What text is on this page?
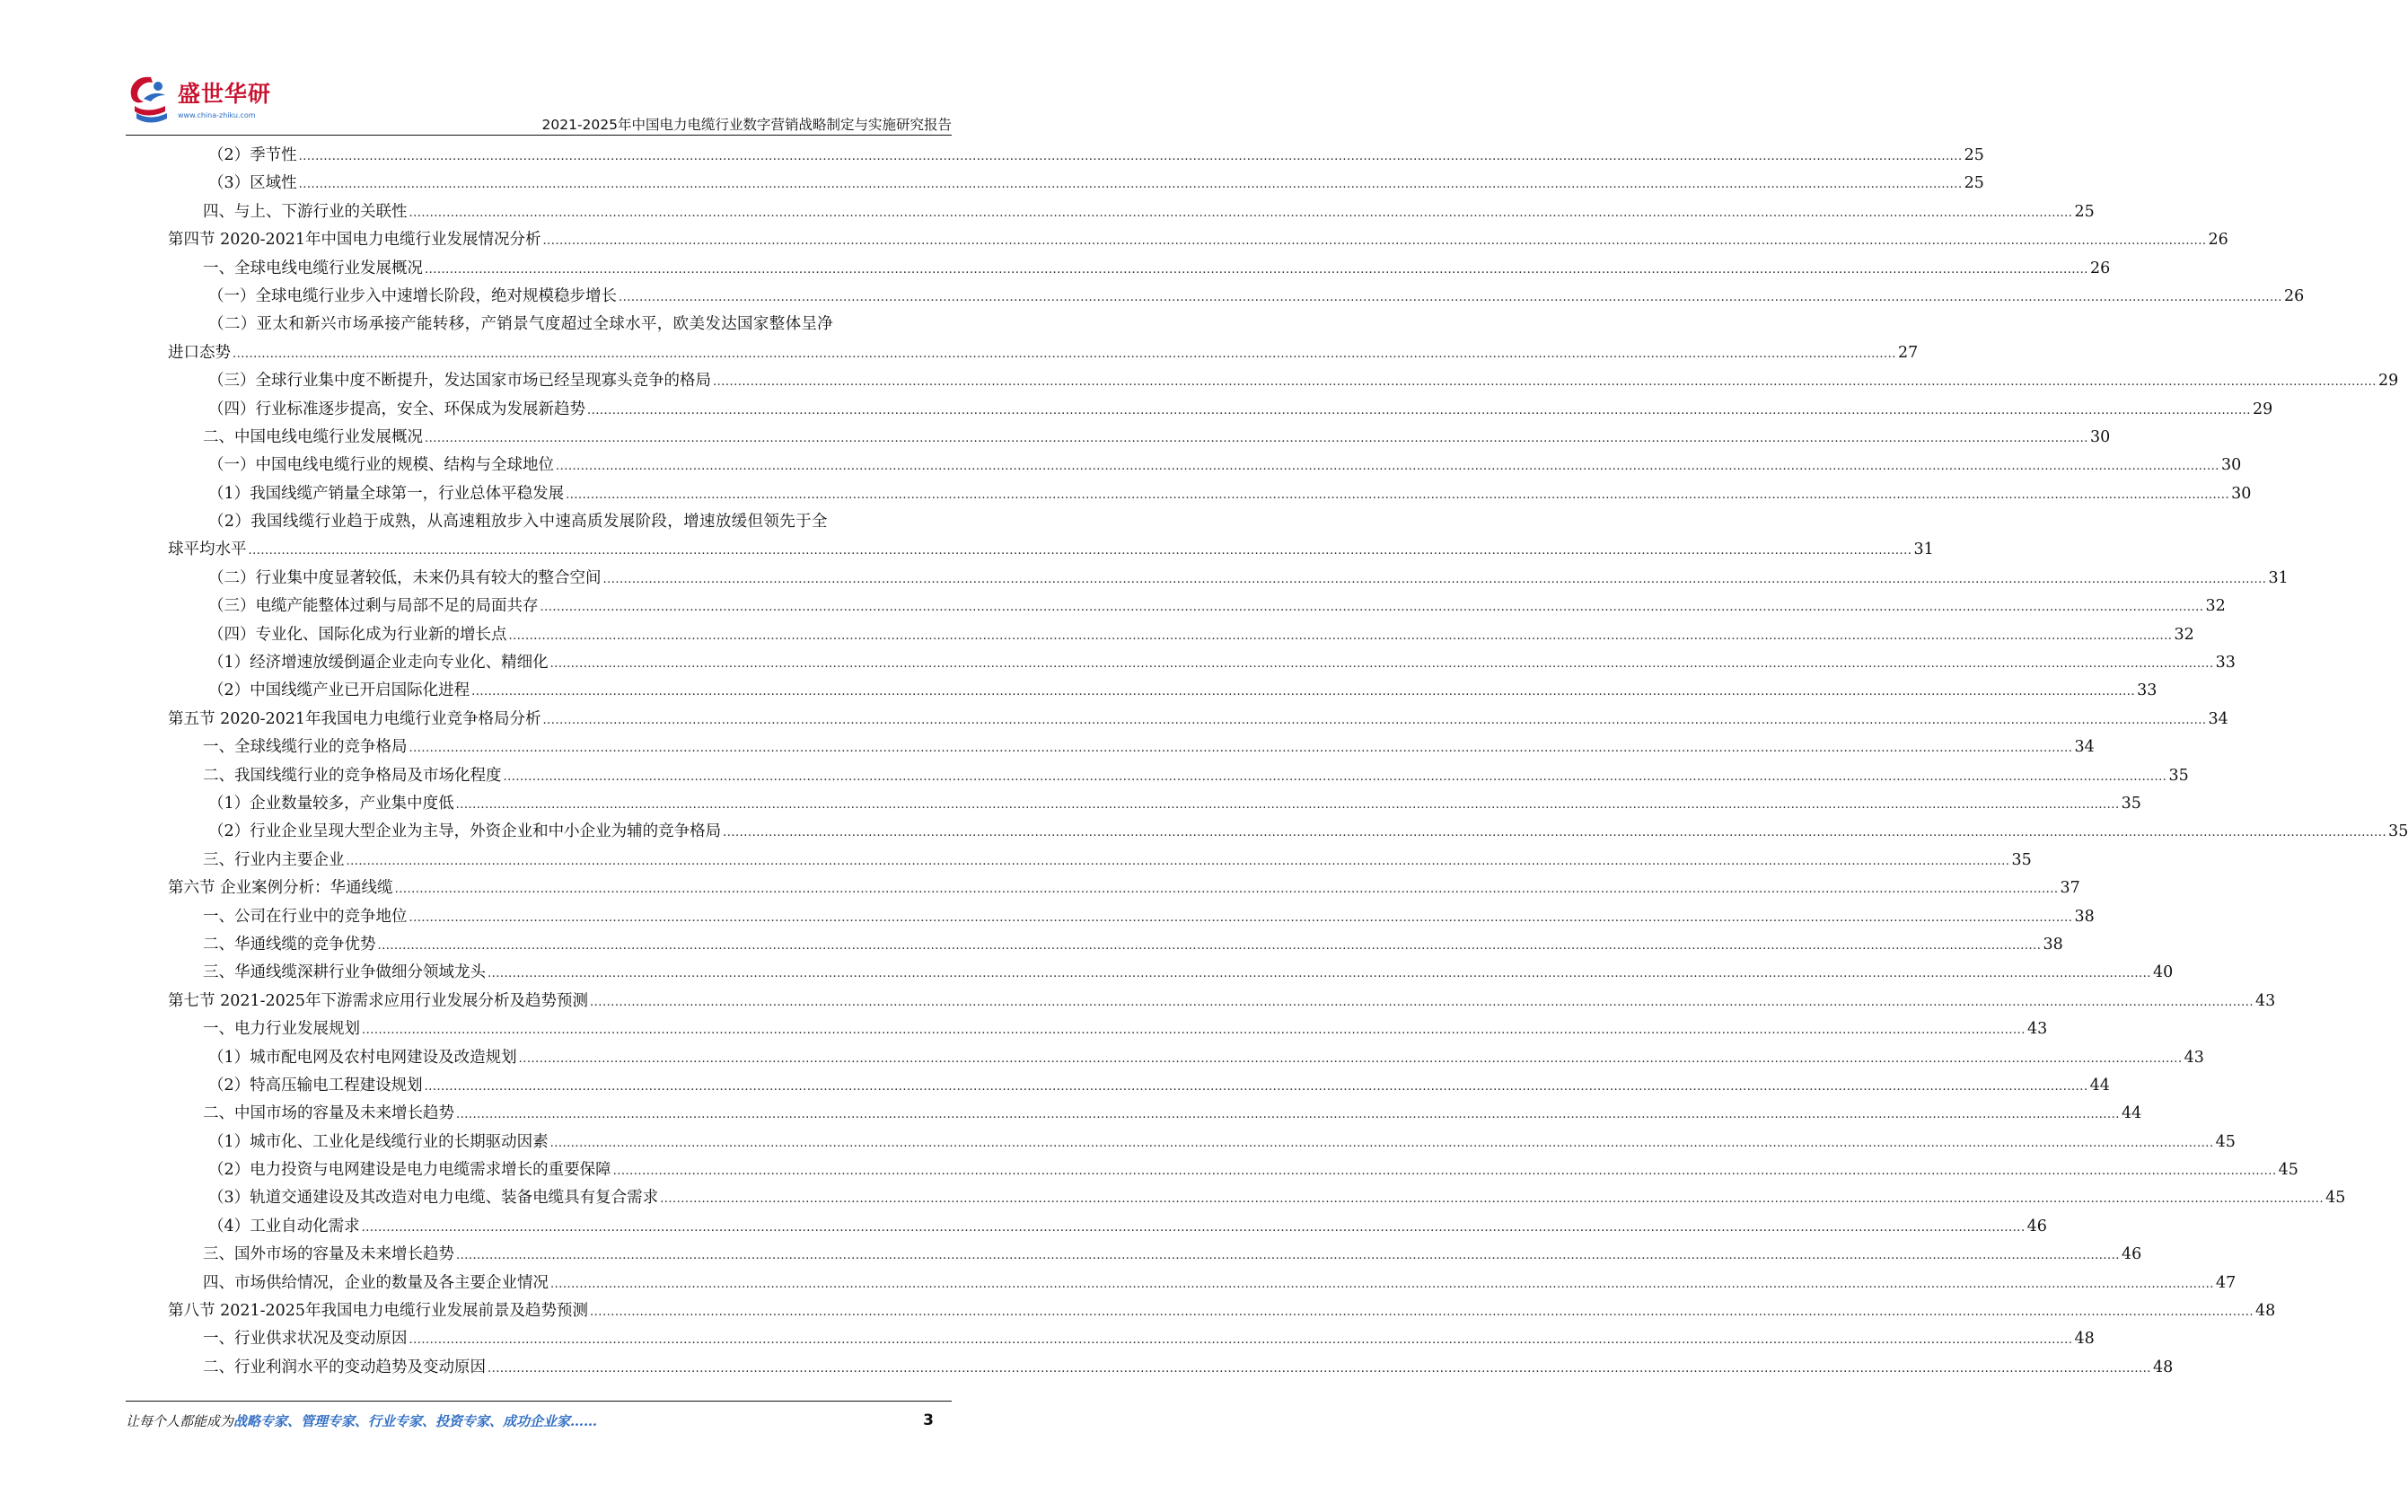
盛世华研
www.china-zhiku.com
2021-2025年中国电力电缆行业数字营销战略制定与实施研究报告
（2）季节性 ................................................................................................................................................................................................................................................................................................................................................................................................................ 25
（3）区域性 ................................................................................................................................................................................................................................................................................................................................................................................................................ 25
四、与上、下游行业的关联性 ................................................................................................................................................................................................................................................................................................................................................................................................................ 25
第四节 2020-2021年中国电力电缆行业发展情况分析 ................................................................................................................................................................................................................................................................................................................................................................................................................ 26
一、全球电线电缆行业发展概况 ................................................................................................................................................................................................................................................................................................................................................................................................................ 26
（一）全球电缆行业步入中速增长阶段，绝对规模稳步增长 ................................................................................................................................................................................................................................................................................................................................................................................................................ 26
（二）亚太和新兴市场承接产能转移，产销景气度超过全球水平，欧美发达国家整体呈净
进口态势 ................................................................................................................................................................................................................................................................................................................................................................................................................ 27
（三）全球行业集中度不断提升，发达国家市场已经呈现寡头竞争的格局 ................................................................................................................................................................................................................................................................................................................................................................................................................ 29
（四）行业标准逐步提高，安全、环保成为发展新趋势 ................................................................................................................................................................................................................................................................................................................................................................................................................ 29
二、中国电线电缆行业发展概况 ................................................................................................................................................................................................................................................................................................................................................................................................................ 30
（一）中国电线电缆行业的规模、结构与全球地位 ................................................................................................................................................................................................................................................................................................................................................................................................................ 30
（1）我国线缆产销量全球第一，行业总体平稳发展 ................................................................................................................................................................................................................................................................................................................................................................................................................ 30
（2）我国线缆行业趋于成熟，从高速粗放步入中速高质发展阶段，增速放缓但领先于全
球平均水平 ................................................................................................................................................................................................................................................................................................................................................................................................................ 31
（二）行业集中度显著较低，未来仍具有较大的整合空间 ................................................................................................................................................................................................................................................................................................................................................................................................................ 31
（三）电缆产能整体过剩与局部不足的局面共存 ................................................................................................................................................................................................................................................................................................................................................................................................................ 32
（四）专业化、国际化成为行业新的增长点 ................................................................................................................................................................................................................................................................................................................................................................................................................ 32
（1）经济增速放缓倒逼企业走向专业化、精细化 ................................................................................................................................................................................................................................................................................................................................................................................................................ 33
（2）中国线缆产业已开启国际化进程 ................................................................................................................................................................................................................................................................................................................................................................................................................ 33
第五节 2020-2021年我国电力电缆行业竞争格局分析 ................................................................................................................................................................................................................................................................................................................................................................................................................ 34
一、全球线缆行业的竞争格局 ................................................................................................................................................................................................................................................................................................................................................................................................................ 34
二、我国线缆行业的竞争格局及市场化程度 ................................................................................................................................................................................................................................................................................................................................................................................................................ 35
（1）企业数量较多，产业集中度低 ................................................................................................................................................................................................................................................................................................................................................................................................................ 35
（2）行业企业呈现大型企业为主导，外资企业和中小企业为辅的竞争格局 ................................................................................................................................................................................................................................................................................................................................................................................................................ 35
三、行业内主要企业 ................................................................................................................................................................................................................................................................................................................................................................................................................ 35
第六节 企业案例分析：华通线缆 ................................................................................................................................................................................................................................................................................................................................................................................................................ 37
一、公司在行业中的竞争地位 ................................................................................................................................................................................................................................................................................................................................................................................................................ 38
二、华通线缆的竞争优势 ................................................................................................................................................................................................................................................................................................................................................................................................................ 38
三、华通线缆深耕行业争做细分领域龙头 ................................................................................................................................................................................................................................................................................................................................................................................................................ 40
第七节 2021-2025年下游需求应用行业发展分析及趋势预测 ................................................................................................................................................................................................................................................................................................................................................................................................................ 43
一、电力行业发展规划 ................................................................................................................................................................................................................................................................................................................................................................................................................ 43
（1）城市配电网及农村电网建设及改造规划 ................................................................................................................................................................................................................................................................................................................................................................................................................ 43
（2）特高压输电工程建设规划 ................................................................................................................................................................................................................................................................................................................................................................................................................ 44
二、中国市场的容量及未来增长趋势 ................................................................................................................................................................................................................................................................................................................................................................................................................ 44
（1）城市化、工业化是线缆行业的长期驱动因素 ................................................................................................................................................................................................................................................................................................................................................................................................................ 45
（2）电力投资与电网建设是电力电缆需求增长的重要保障 ................................................................................................................................................................................................................................................................................................................................................................................................................ 45
（3）轨道交通建设及其改造对电力电缆、装备电缆具有复合需求 ................................................................................................................................................................................................................................................................................................................................................................................................................ 45
（4）工业自动化需求 ................................................................................................................................................................................................................................................................................................................................................................................................................ 46
三、国外市场的容量及未来增长趋势 ................................................................................................................................................................................................................................................................................................................................................................................................................ 46
四、市场供给情况，企业的数量及各主要企业情况 ................................................................................................................................................................................................................................................................................................................................................................................................................ 47
第八节 2021-2025年我国电力电缆行业发展前景及趋势预测 ................................................................................................................................................................................................................................................................................................................................................................................................................ 48
一、行业供求状况及变动原因 ................................................................................................................................................................................................................................................................................................................................................................................................................ 48
二、行业利润水平的变动趋势及变动原因 ................................................................................................................................................................................................................................................................................................................................................................................................................ 48
让每个人都能成为战略专家、管理专家、行业专家、投资专家、成功企业家……	3
